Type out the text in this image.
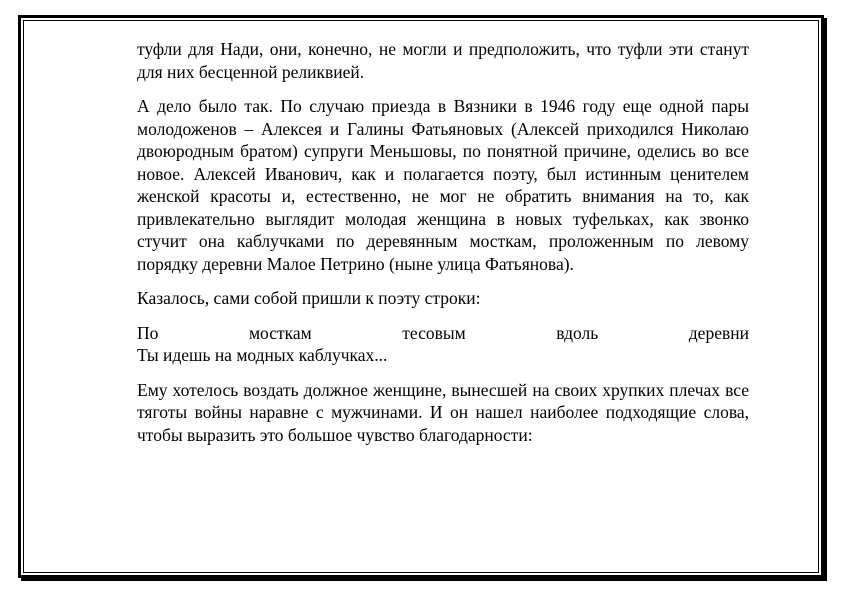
туфли для Нади, они, конечно, не могли и предположить, что туфли эти станут для них бесценной реликвией.

А дело было так. По случаю приезда в Вязники в 1946 году еще одной пары молодоженов – Алексея и Галины Фатьяновых (Алексей приходился Николаю двоюродным братом) супруги Меньшовы, по понятной причине, оделись во все новое. Алексей Иванович, как и полагается поэту, был истинным ценителем женской красоты и, естественно, не мог не обратить внимания на то, как привлекательно выглядит молодая женщина в новых туфельках, как звонко стучит она каблучками по деревянным мосткам, проложенным по левому порядку деревни Малое Петрино (ныне улица Фатьянова).

Казалось, сами собой пришли к поэту строки:

По	мосткам	тесовым	вдоль	деревни
Ты идешь на модных каблучках...

Ему хотелось воздать должное женщине, вынесшей на своих хрупких плечах все тяготы войны наравне с мужчинами. И он нашел наиболее подходящие слова, чтобы выразить это большое чувство благодарности:
